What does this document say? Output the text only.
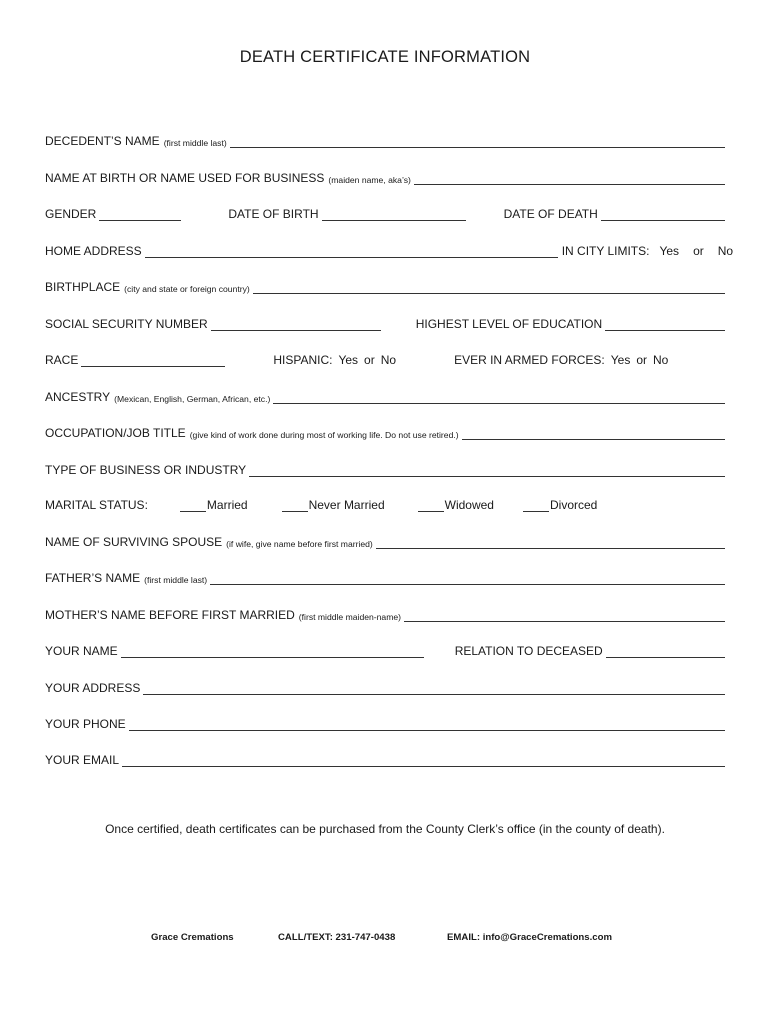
DEATH CERTIFICATE INFORMATION
DECEDENT’S NAME (first middle last)
NAME AT BIRTH OR NAME USED FOR BUSINESS (maiden name, aka’s)
GENDER	DATE OF BIRTH	DATE OF DEATH
HOME ADDRESS	IN CITY LIMITS: Yes or No
BIRTHPLACE (city and state or foreign country)
SOCIAL SECURITY NUMBER	HIGHEST LEVEL OF EDUCATION
RACE	HISPANIC: Yes or No	EVER IN ARMED FORCES: Yes or No
ANCESTRY (Mexican, English, German, African, etc.)
OCCUPATION/JOB TITLE (give kind of work done during most of working life. Do not use retired.)
TYPE OF BUSINESS OR INDUSTRY
MARITAL STATUS:	Married	Never Married	Widowed	Divorced
NAME OF SURVIVING SPOUSE (if wife, give name before first married)
FATHER’S NAME (first middle last)
MOTHER’S NAME BEFORE FIRST MARRIED (first middle maiden-name)
YOUR NAME	RELATION TO DECEASED
YOUR ADDRESS
YOUR PHONE
YOUR EMAIL
Once certified, death certificates can be purchased from the County Clerk’s office (in the county of death).
Grace Cremations	CALL/TEXT: 231-747-0438	EMAIL: info@GraceCremations.com
